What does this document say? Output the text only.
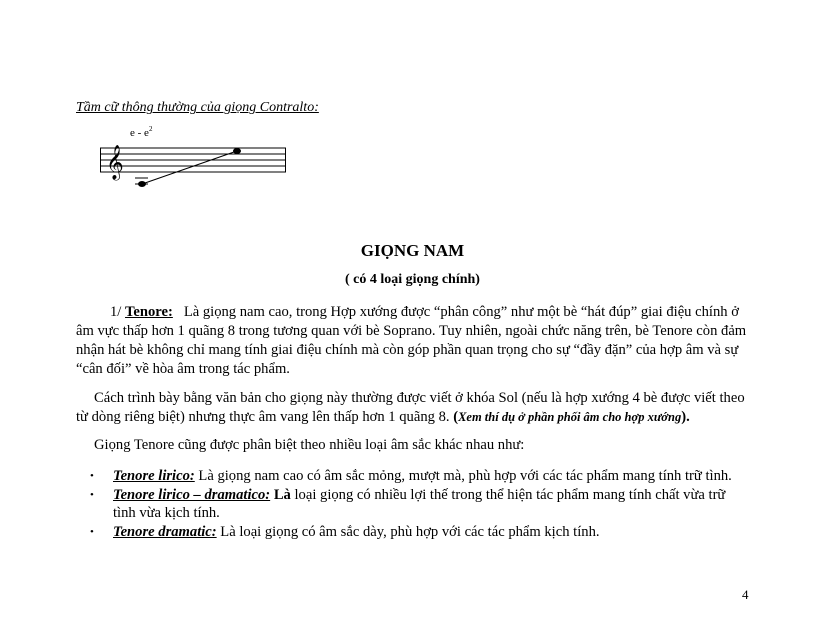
Tầm cữ thông thường của giọng Contralto:
e - $e^2$
𝄞
GIỌNG NAM
( có 4 loại giọng chính)
1/ Tenore: Là giọng nam cao, trong Hợp xướng được “phân công” như một bè “hát đúp” giai điệu chính ở âm vực thấp hơn 1 quãng 8 trong tương quan với bè Soprano. Tuy nhiên, ngoài chức năng trên, bè Tenore còn đảm nhận hát bè không chỉ mang tính giai điệu chính mà còn góp phần quan trọng cho sự “đầy đặn” của hợp âm và sự “cân đối” về hòa âm trong tác phẩm.
Cách trình bày bằng văn bản cho giọng này thường được viết ở khóa Sol (nếu là hợp xướng 4 bè được viết theo từ dòng riêng biệt) nhưng thực âm vang lên thấp hơn 1 quãng 8. (Xem thí dụ ở phần phối âm cho hợp xướng).
Giọng Tenore cũng được phân biệt theo nhiều loại âm sắc khác nhau như:
• Tenore lirico: Là giọng nam cao có âm sắc mỏng, mượt mà, phù hợp với các tác phẩm mang tính trữ tình.
• Tenore lirico – dramatico: Là loại giọng có nhiều lợi thế trong thể hiện tác phẩm mang tính chất vừa trữ tình vừa kịch tính.
• Tenore dramatic: Là loại giọng có âm sắc dày, phù hợp với các tác phẩm kịch tính.
4
